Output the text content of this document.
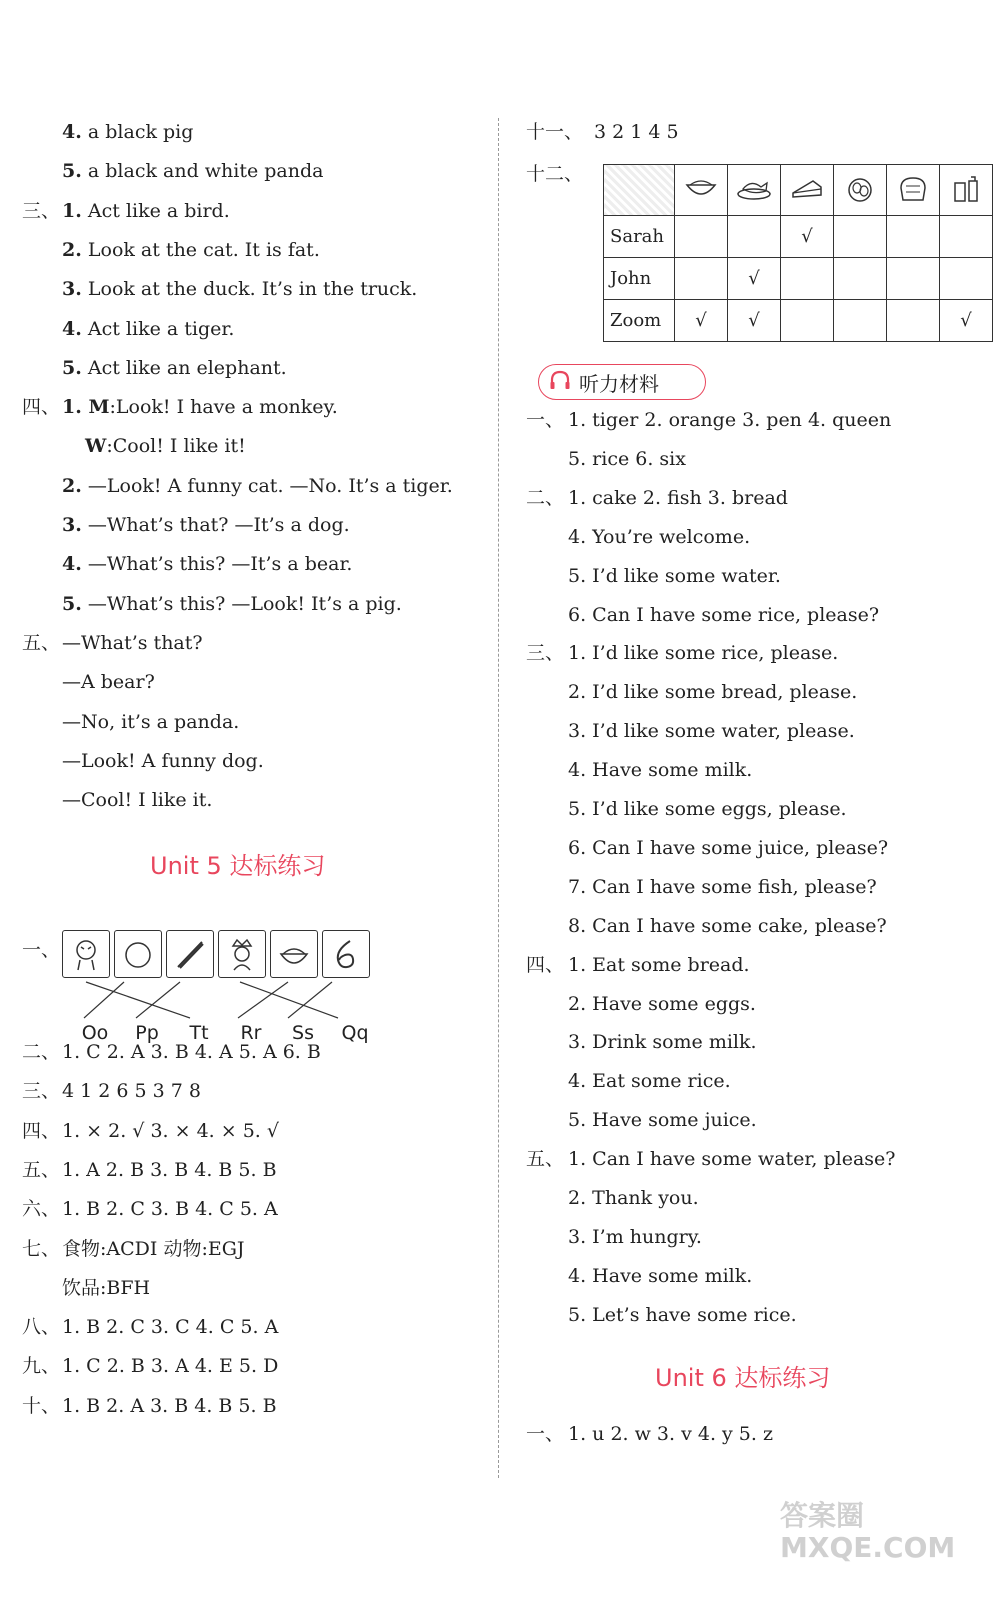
4. a black pig
5. a black and white panda
三、 1. Act like a bird.
2. Look at the cat. It is fat.
3. Look at the duck. It’s in the truck.
4. Act like a tiger.
5. Act like an elephant.
四、 1. M:Look! I have a monkey.
W:Cool! I like it!
2. —Look! A funny cat. —No. It’s a tiger.
3. —What’s that? —It’s a dog.
4. —What’s this? —It’s a bear.
5. —What’s this? —Look! It’s a pig.
五、 —What’s that?
—A bear?
—No, it’s a panda.
—Look! A funny dog.
—Cool! I like it.
Unit 5 达标练习
一、
Oo Pp	Tt	Rr	Ss	Qq
二、 1. C 2. A 3. B 4. A 5. A 6. B
三、 4 1 2 6 5 3 7 8
四、 1. × 2. √ 3. × 4. × 5. √
五、 1. A 2. B 3. B 4. B 5. B
六、 1. B 2. C 3. B 4. C 5. A
七、 食物:ACDI 动物:EGJ
饮品:BFH
八、 1. B 2. C 3. C 4. C 5. A
九、 1. C 2. B 3. A 4. E 5. D
十、 1. B 2. A 3. B 4. B 5. B
十一、 3 2 1 4 5
十二、

Sarah			√			
John		√				
Zoom	√	√				√
听力材料
一、 1. tiger 2. orange 3. pen 4. queen
5. rice 6. six
二、 1. cake 2. fish 3. bread
4. You’re welcome.
5. I’d like some water.
6. Can I have some rice, please?
三、 1. I’d like some rice, please.
2. I’d like some bread, please.
3. I’d like some water, please.
4. Have some milk.
5. I’d like some eggs, please.
6. Can I have some juice, please?
7. Can I have some fish, please?
8. Can I have some cake, please?
四、 1. Eat some bread.
2. Have some eggs.
3. Drink some milk.
4. Eat some rice.
5. Have some juice.
五、 1. Can I have some water, please?
2. Thank you.
3. I’m hungry.
4. Have some milk.
5. Let’s have some rice.
Unit 6 达标练习
一、 1. u 2. w 3. v 4. y 5. z
答案圈
MXQE.COM
